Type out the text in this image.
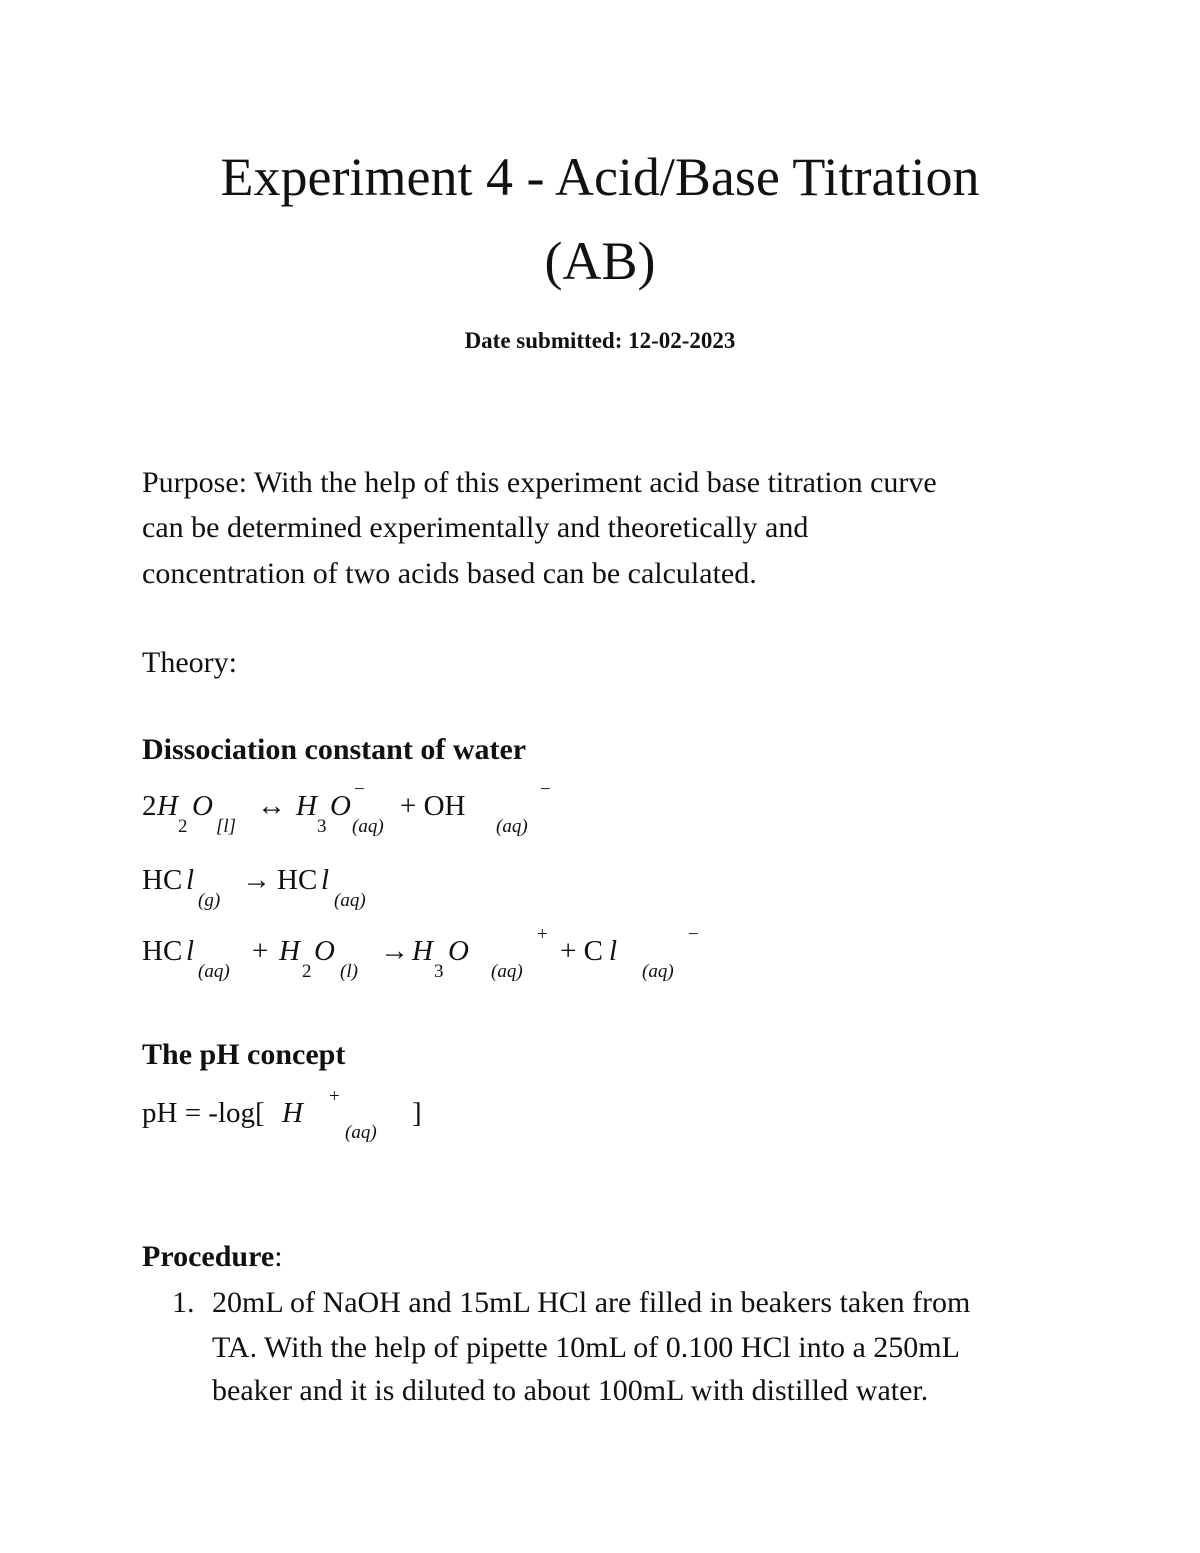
Experiment 4 - Acid/Base Titration
(AB)
Date submitted: 12-02-2023
Purpose: With the help of this experiment acid base titration curve
can be determined experimentally and theoretically and
concentration of two acids based can be calculated.
Theory:
Dissociation constant of water
2 H
2
O
[l]
↔ H
3
O
−
(aq)
+ OH
(aq)
−
HC l
(g)
→ HC l
(aq)
HC l
(aq)
+ H
2
O
(l)
→ H
3
O
(aq)
+
+ C l
(aq)
−
The pH concept
pH = -log[ H
+
(aq)
]
Procedure:
1. 20mL of NaOH and 15mL HCl are filled in beakers taken from
TA. With the help of pipette 10mL of 0.100 HCl into a 250mL
beaker and it is diluted to about 100mL with distilled water.
